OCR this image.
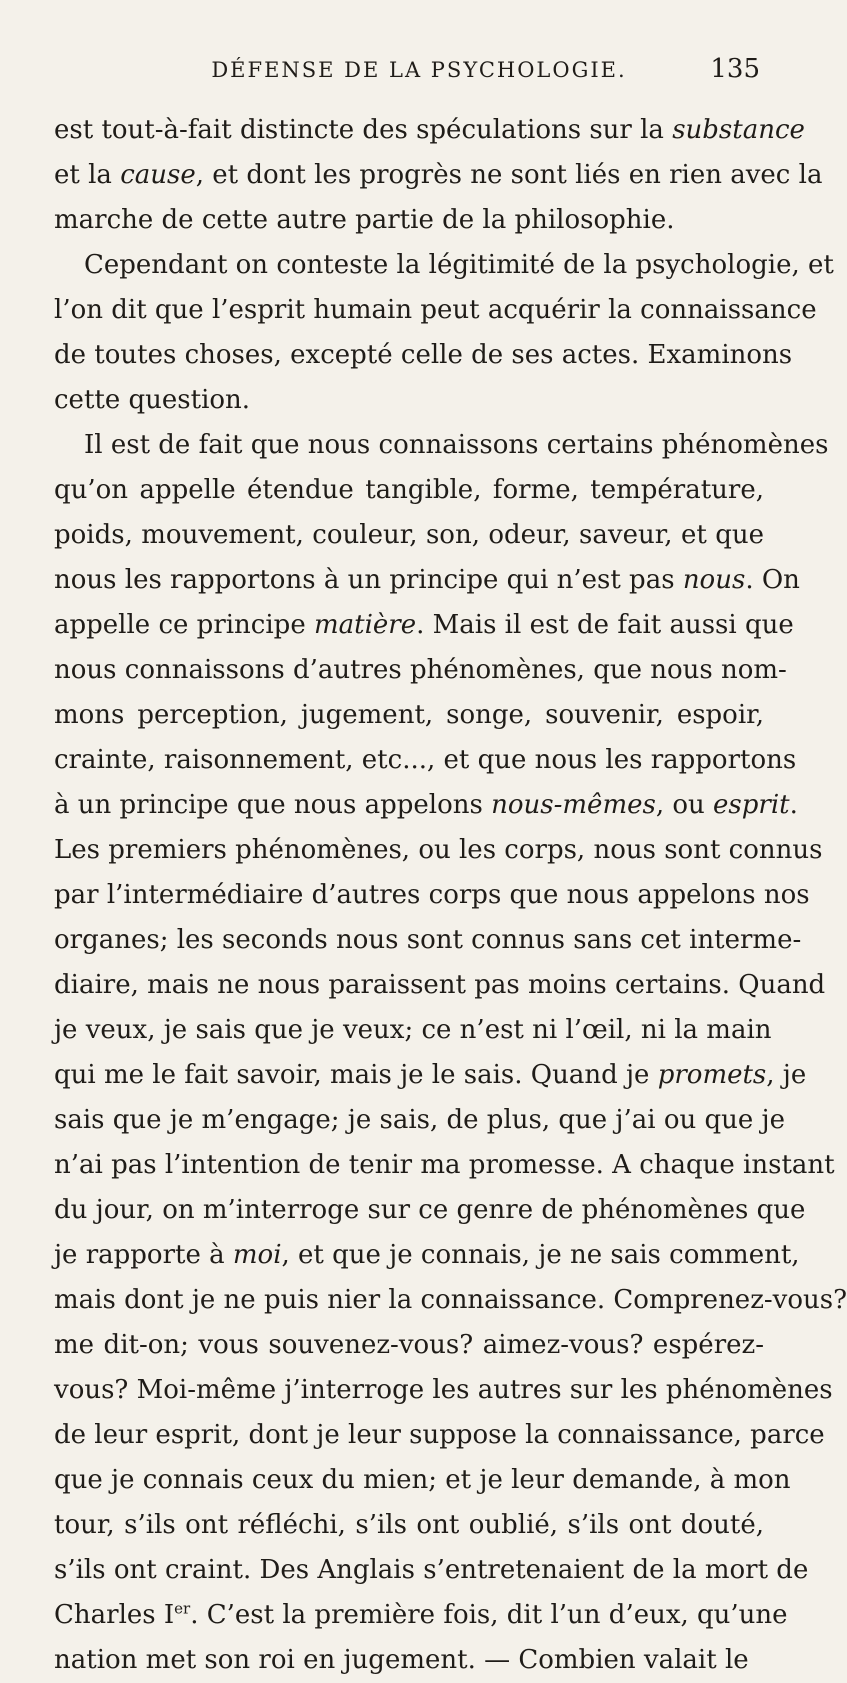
DÉFENSE DE LA PSYCHOLOGIE.	135
est tout-à-fait distincte des spéculations sur la substance
et la cause, et dont les progrès ne sont liés en rien avec la
marche de cette autre partie de la philosophie.
Cependant on conteste la légitimité de la psychologie, et
l’on dit que l’esprit humain peut acquérir la connaissance
de toutes choses, excepté celle de ses actes. Examinons
cette question.
Il est de fait que nous connaissons certains phénomènes
qu’on appelle étendue tangible, forme, température,
poids, mouvement, couleur, son, odeur, saveur, et que
nous les rapportons à un principe qui n’est pas nous. On
appelle ce principe matière. Mais il est de fait aussi que
nous connaissons d’autres phénomènes, que nous nom-
mons perception, jugement, songe, souvenir, espoir,
crainte, raisonnement, etc..., et que nous les rapportons
à un principe que nous appelons nous-mêmes, ou esprit.
Les premiers phénomènes, ou les corps, nous sont connus
par l’intermédiaire d’autres corps que nous appelons nos
organes; les seconds nous sont connus sans cet interme-
diaire, mais ne nous paraissent pas moins certains. Quand
je veux, je sais que je veux; ce n’est ni l’œil, ni la main
qui me le fait savoir, mais je le sais. Quand je promets, je
sais que je m’engage; je sais, de plus, que j’ai ou que je
n’ai pas l’intention de tenir ma promesse. A chaque instant
du jour, on m’interroge sur ce genre de phénomènes que
je rapporte à moi, et que je connais, je ne sais comment,
mais dont je ne puis nier la connaissance. Comprenez-vous?
me dit-on; vous souvenez-vous? aimez-vous? espérez-
vous? Moi-même j’interroge les autres sur les phénomènes
de leur esprit, dont je leur suppose la connaissance, parce
que je connais ceux du mien; et je leur demande, à mon
tour, s’ils ont réfléchi, s’ils ont oublié, s’ils ont douté,
s’ils ont craint. Des Anglais s’entretenaient de la mort de
Charles Ier. C’est la première fois, dit l’un d’eux, qu’une
nation met son roi en jugement. — Combien valait le
